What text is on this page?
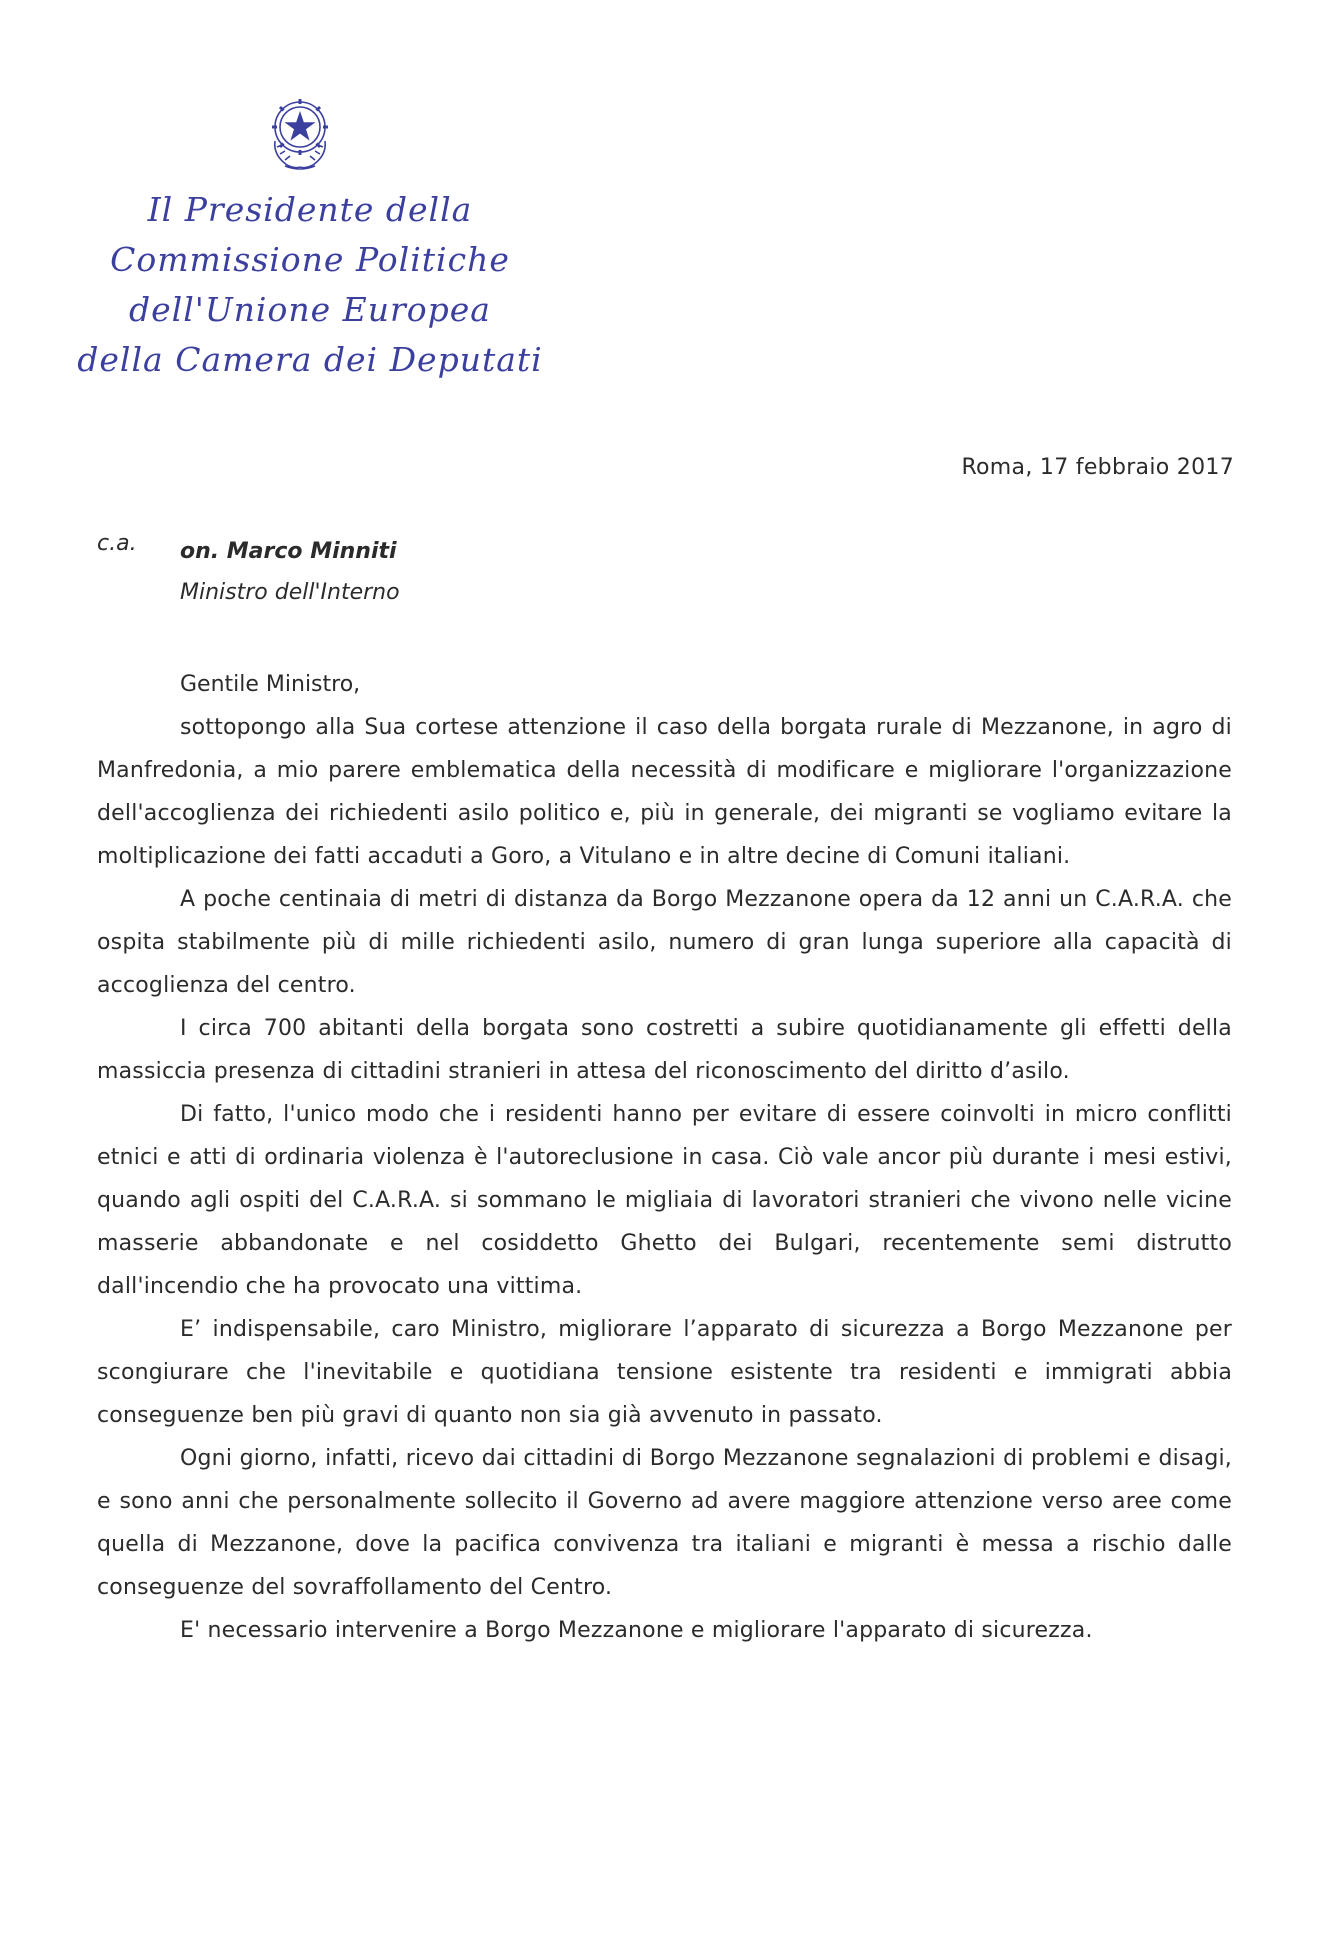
Il Presidente della
Commissione Politiche
dell'Unione Europea
della Camera dei Deputati
Roma, 17 febbraio 2017
c.a. on. Marco Minniti
Ministro dell'Interno
Gentile Ministro,

sottopongo alla Sua cortese attenzione il caso della borgata rurale di Mezzanone, in agro di Manfredonia, a mio parere emblematica della necessità di modificare e migliorare l'organizzazione dell'accoglienza dei richiedenti asilo politico e, più in generale, dei migranti se vogliamo evitare la moltiplicazione dei fatti accaduti a Goro, a Vitulano e in altre decine di Comuni italiani.

A poche centinaia di metri di distanza da Borgo Mezzanone opera da 12 anni un C.A.R.A. che ospita stabilmente più di mille richiedenti asilo, numero di gran lunga superiore alla capacità di accoglienza del centro.

I circa 700 abitanti della borgata sono costretti a subire quotidianamente gli effetti della massiccia presenza di cittadini stranieri in attesa del riconoscimento del diritto d’asilo.

Di fatto, l'unico modo che i residenti hanno per evitare di essere coinvolti in micro conflitti etnici e atti di ordinaria violenza è l'autoreclusione in casa. Ciò vale ancor più durante i mesi estivi, quando agli ospiti del C.A.R.A. si sommano le migliaia di lavoratori stranieri che vivono nelle vicine masserie abbandonate e nel cosiddetto Ghetto dei Bulgari, recentemente semi distrutto dall'incendio che ha provocato una vittima.

E’ indispensabile, caro Ministro, migliorare l’apparato di sicurezza a Borgo Mezzanone per scongiurare che l'inevitabile e quotidiana tensione esistente tra residenti e immigrati abbia conseguenze ben più gravi di quanto non sia già avvenuto in passato.

Ogni giorno, infatti, ricevo dai cittadini di Borgo Mezzanone segnalazioni di problemi e disagi, e sono anni che personalmente sollecito il Governo ad avere maggiore attenzione verso aree come quella di Mezzanone, dove la pacifica convivenza tra italiani e migranti è messa a rischio dalle conseguenze del sovraffollamento del Centro.

E' necessario intervenire a Borgo Mezzanone e migliorare l'apparato di sicurezza.
